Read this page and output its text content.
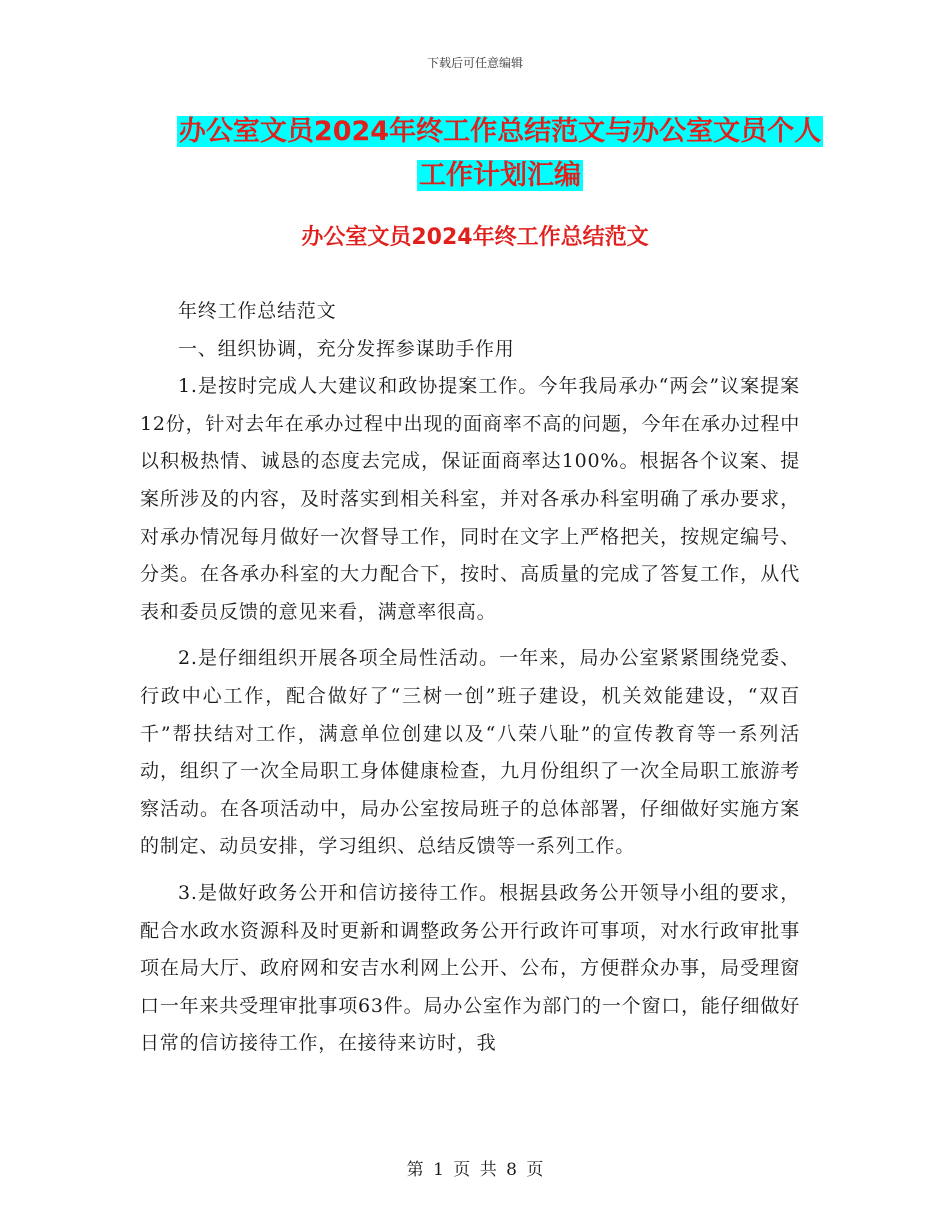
下载后可任意编辑
办公室文员2024年终工作总结范文与办公室文员个人
工作计划汇编
办公室文员2024年终工作总结范文

年终工作总结范文

一、组织协调，充分发挥参谋助手作用

1.是按时完成人大建议和政协提案工作。今年我局承办“两会”议案提案12份，针对去年在承办过程中出现的面商率不高的问题，今年在承办过程中以积极热情、诚恳的态度去完成，保证面商率达100%。根据各个议案、提案所涉及的内容，及时落实到相关科室，并对各承办科室明确了承办要求，对承办情况每月做好一次督导工作，同时在文字上严格把关，按规定编号、分类。在各承办科室的大力配合下，按时、高质量的完成了答复工作，从代表和委员反馈的意见来看，满意率很高。

2.是仔细组织开展各项全局性活动。一年来，局办公室紧紧围绕党委、行政中心工作，配合做好了“三树一创”班子建设，机关效能建设，“双百千”帮扶结对工作，满意单位创建以及“八荣八耻”的宣传教育等一系列活动，组织了一次全局职工身体健康检查，九月份组织了一次全局职工旅游考察活动。在各项活动中，局办公室按局班子的总体部署，仔细做好实施方案的制定、动员安排，学习组织、总结反馈等一系列工作。

3.是做好政务公开和信访接待工作。根据县政务公开领导小组的要求，配合水政水资源科及时更新和调整政务公开行政许可事项，对水行政审批事项在局大厅、政府网和安吉水利网上公开、公布，方便群众办事，局受理窗口一年来共受理审批事项63件。局办公室作为部门的一个窗口，能仔细做好日常的信访接待工作，在接待来访时，我

第 1 页 共 8 页
